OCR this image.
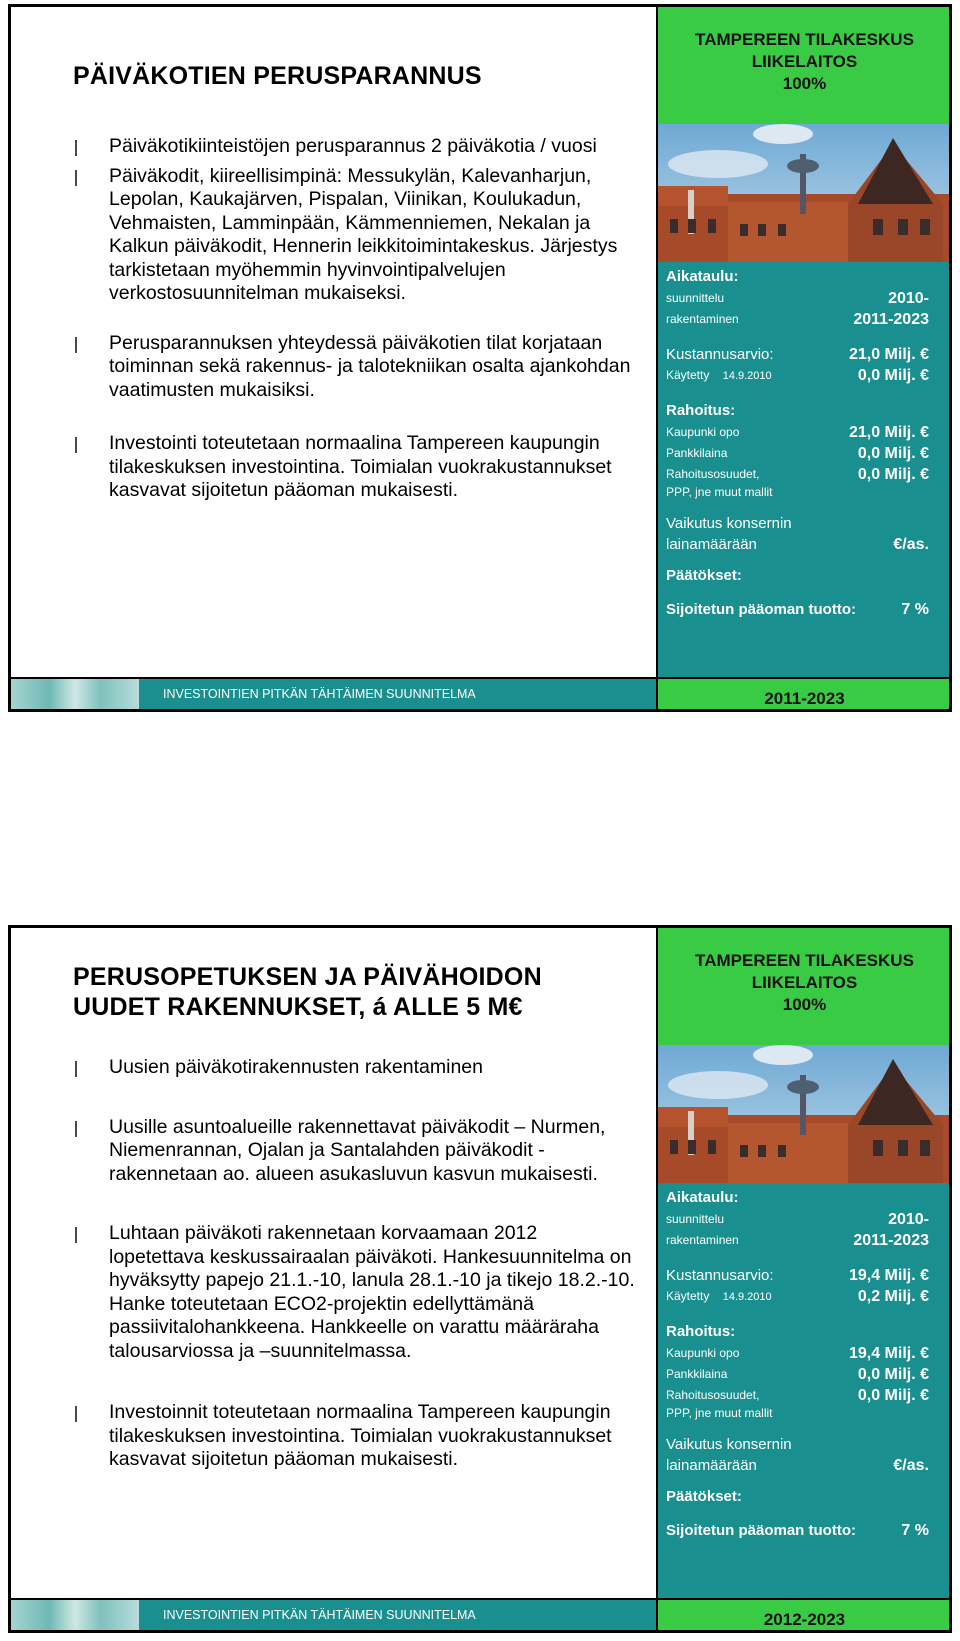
PÄIVÄKOTIEN PERUSPARANNUS
Päiväkotikiinteistöjen perusparannus 2 päiväkotia / vuosi
Päiväkodit, kiireellisimpinä: Messukylän, Kalevanharjun, Lepolan, Kaukajärven, Pispalan, Viinikan, Koulukadun, Vehmaisten, Lamminpään, Kämmenniemen, Nekalan ja Kalkun päiväkodit, Hennerin leikkitoimintakeskus. Järjestys tarkistetaan myöhemmin hyvinvointipalvelujen verkostosuunnitelman mukaiseksi.
Perusparannuksen yhteydessä päiväkotien tilat korjataan toiminnan sekä rakennus- ja talotekniikan osalta ajankohdan vaatimusten mukaisiksi.
Investointi toteutetaan normaalina Tampereen kaupungin tilakeskuksen investointina. Toimialan vuokrakustannukset kasvavat sijoitetun pääoman mukaisesti.
TAMPEREEN TILAKESKUS
LIIKELAITOS
100%
Aikataulu:
suunnittelu	2010-
rakentaminen	2011-2023
Kustannusarvio:	21,0 Milj. €
Käytetty 14.9.2010	0,0 Milj. €
Rahoitus:
Kaupunki opo	21,0 Milj. €
Pankkilaina	0,0 Milj. €
Rahoitusosuudet,	0,0 Milj. €
PPP, jne muut mallit
Vaikutus konsernin
lainamäärään	€/as.
Päätökset:
Sijoitetun pääoman tuotto:	7 %
INVESTOINTIEN PITKÄN TÄHTÄIMEN SUUNNITELMA	2011-2023
PERUSOPETUKSEN JA PÄIVÄHOIDON
UUDET RAKENNUKSET, á ALLE 5 M€
Uusien päiväkotirakennusten rakentaminen
Uusille asuntoalueille rakennettavat päiväkodit – Nurmen, Niemenrannan, Ojalan ja Santalahden päiväkodit - rakennetaan ao. alueen asukasluvun kasvun mukaisesti.
Luhtaan päiväkoti rakennetaan korvaamaan 2012 lopetettava keskussairaalan päiväkoti. Hankesuunnitelma on hyväksytty papejo 21.1.-10, lanula 28.1.-10 ja tikejo 18.2.-10. Hanke toteutetaan ECO2-projektin edellyttämänä passiivitalohankkeena. Hankkeelle on varattu määräraha talousarviossa ja –suunnitelmassa.
Investoinnit toteutetaan normaalina Tampereen kaupungin tilakeskuksen investointina. Toimialan vuokrakustannukset kasvavat sijoitetun pääoman mukaisesti.
TAMPEREEN TILAKESKUS
LIIKELAITOS
100%
Aikataulu:
suunnittelu	2010-
rakentaminen	2011-2023
Kustannusarvio:	19,4 Milj. €
Käytetty 14.9.2010	0,2 Milj. €
Rahoitus:
Kaupunki opo	19,4 Milj. €
Pankkilaina	0,0 Milj. €
Rahoitusosuudet,	0,0 Milj. €
PPP, jne muut mallit
Vaikutus konsernin
lainamäärään	€/as.
Päätökset:
Sijoitetun pääoman tuotto:	7 %
INVESTOINTIEN PITKÄN TÄHTÄIMEN SUUNNITELMA	2012-2023
